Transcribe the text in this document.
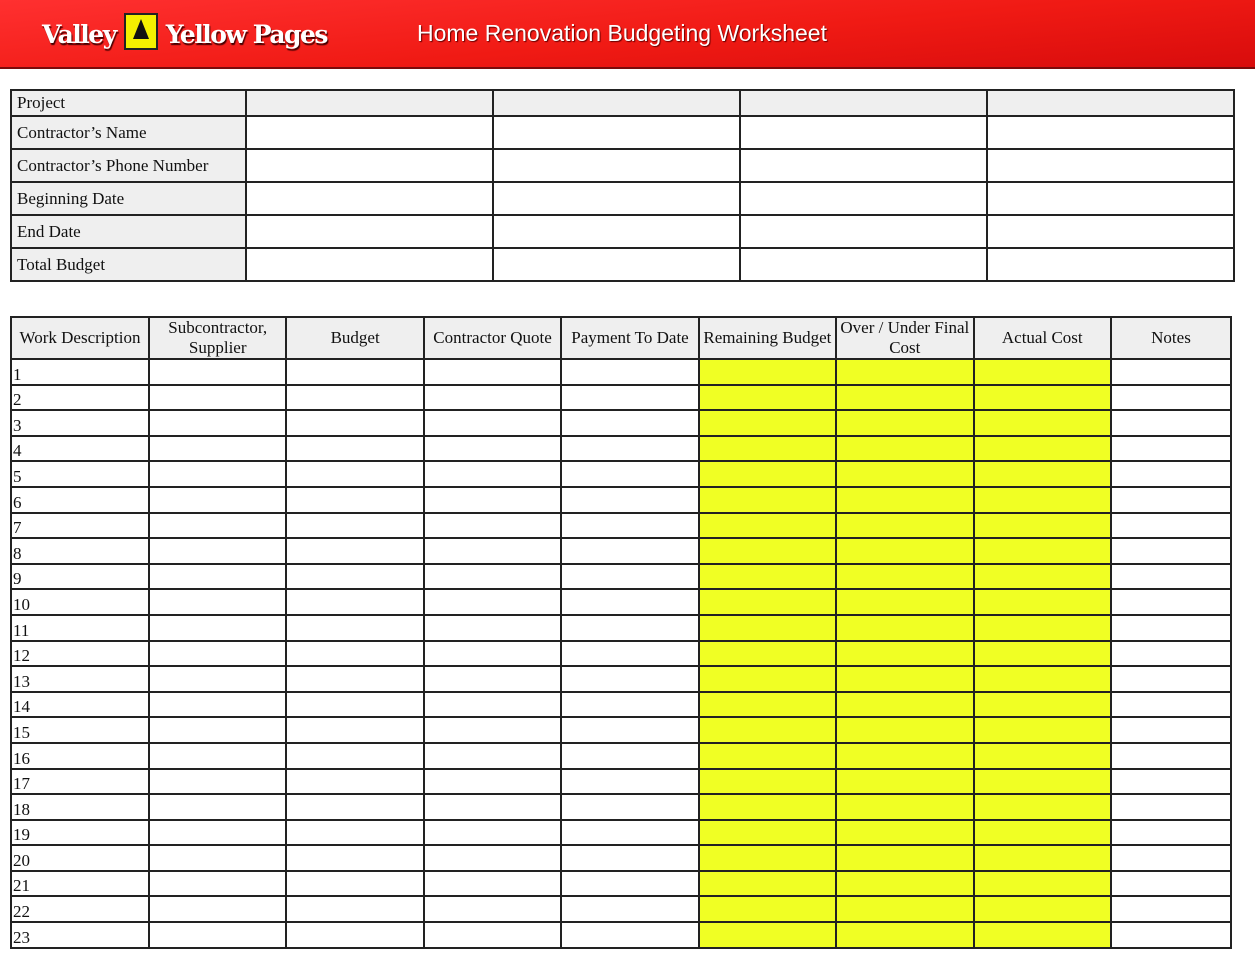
Valley Yellow Pages	Home Renovation Budgeting Worksheet
Project				
Contractor’s Name				
Contractor’s Phone Number				
Beginning Date				
End Date				
Total Budget				
Work Description	Subcontractor, Supplier	Budget	Contractor Quote	Payment To Date	Remaining Budget	Over / Under Final Cost	Actual Cost	Notes
1								
2								
3								
4								
5								
6								
7								
8								
9								
10								
11								
12								
13								
14								
15								
16								
17								
18								
19								
20								
21								
22								
23								
